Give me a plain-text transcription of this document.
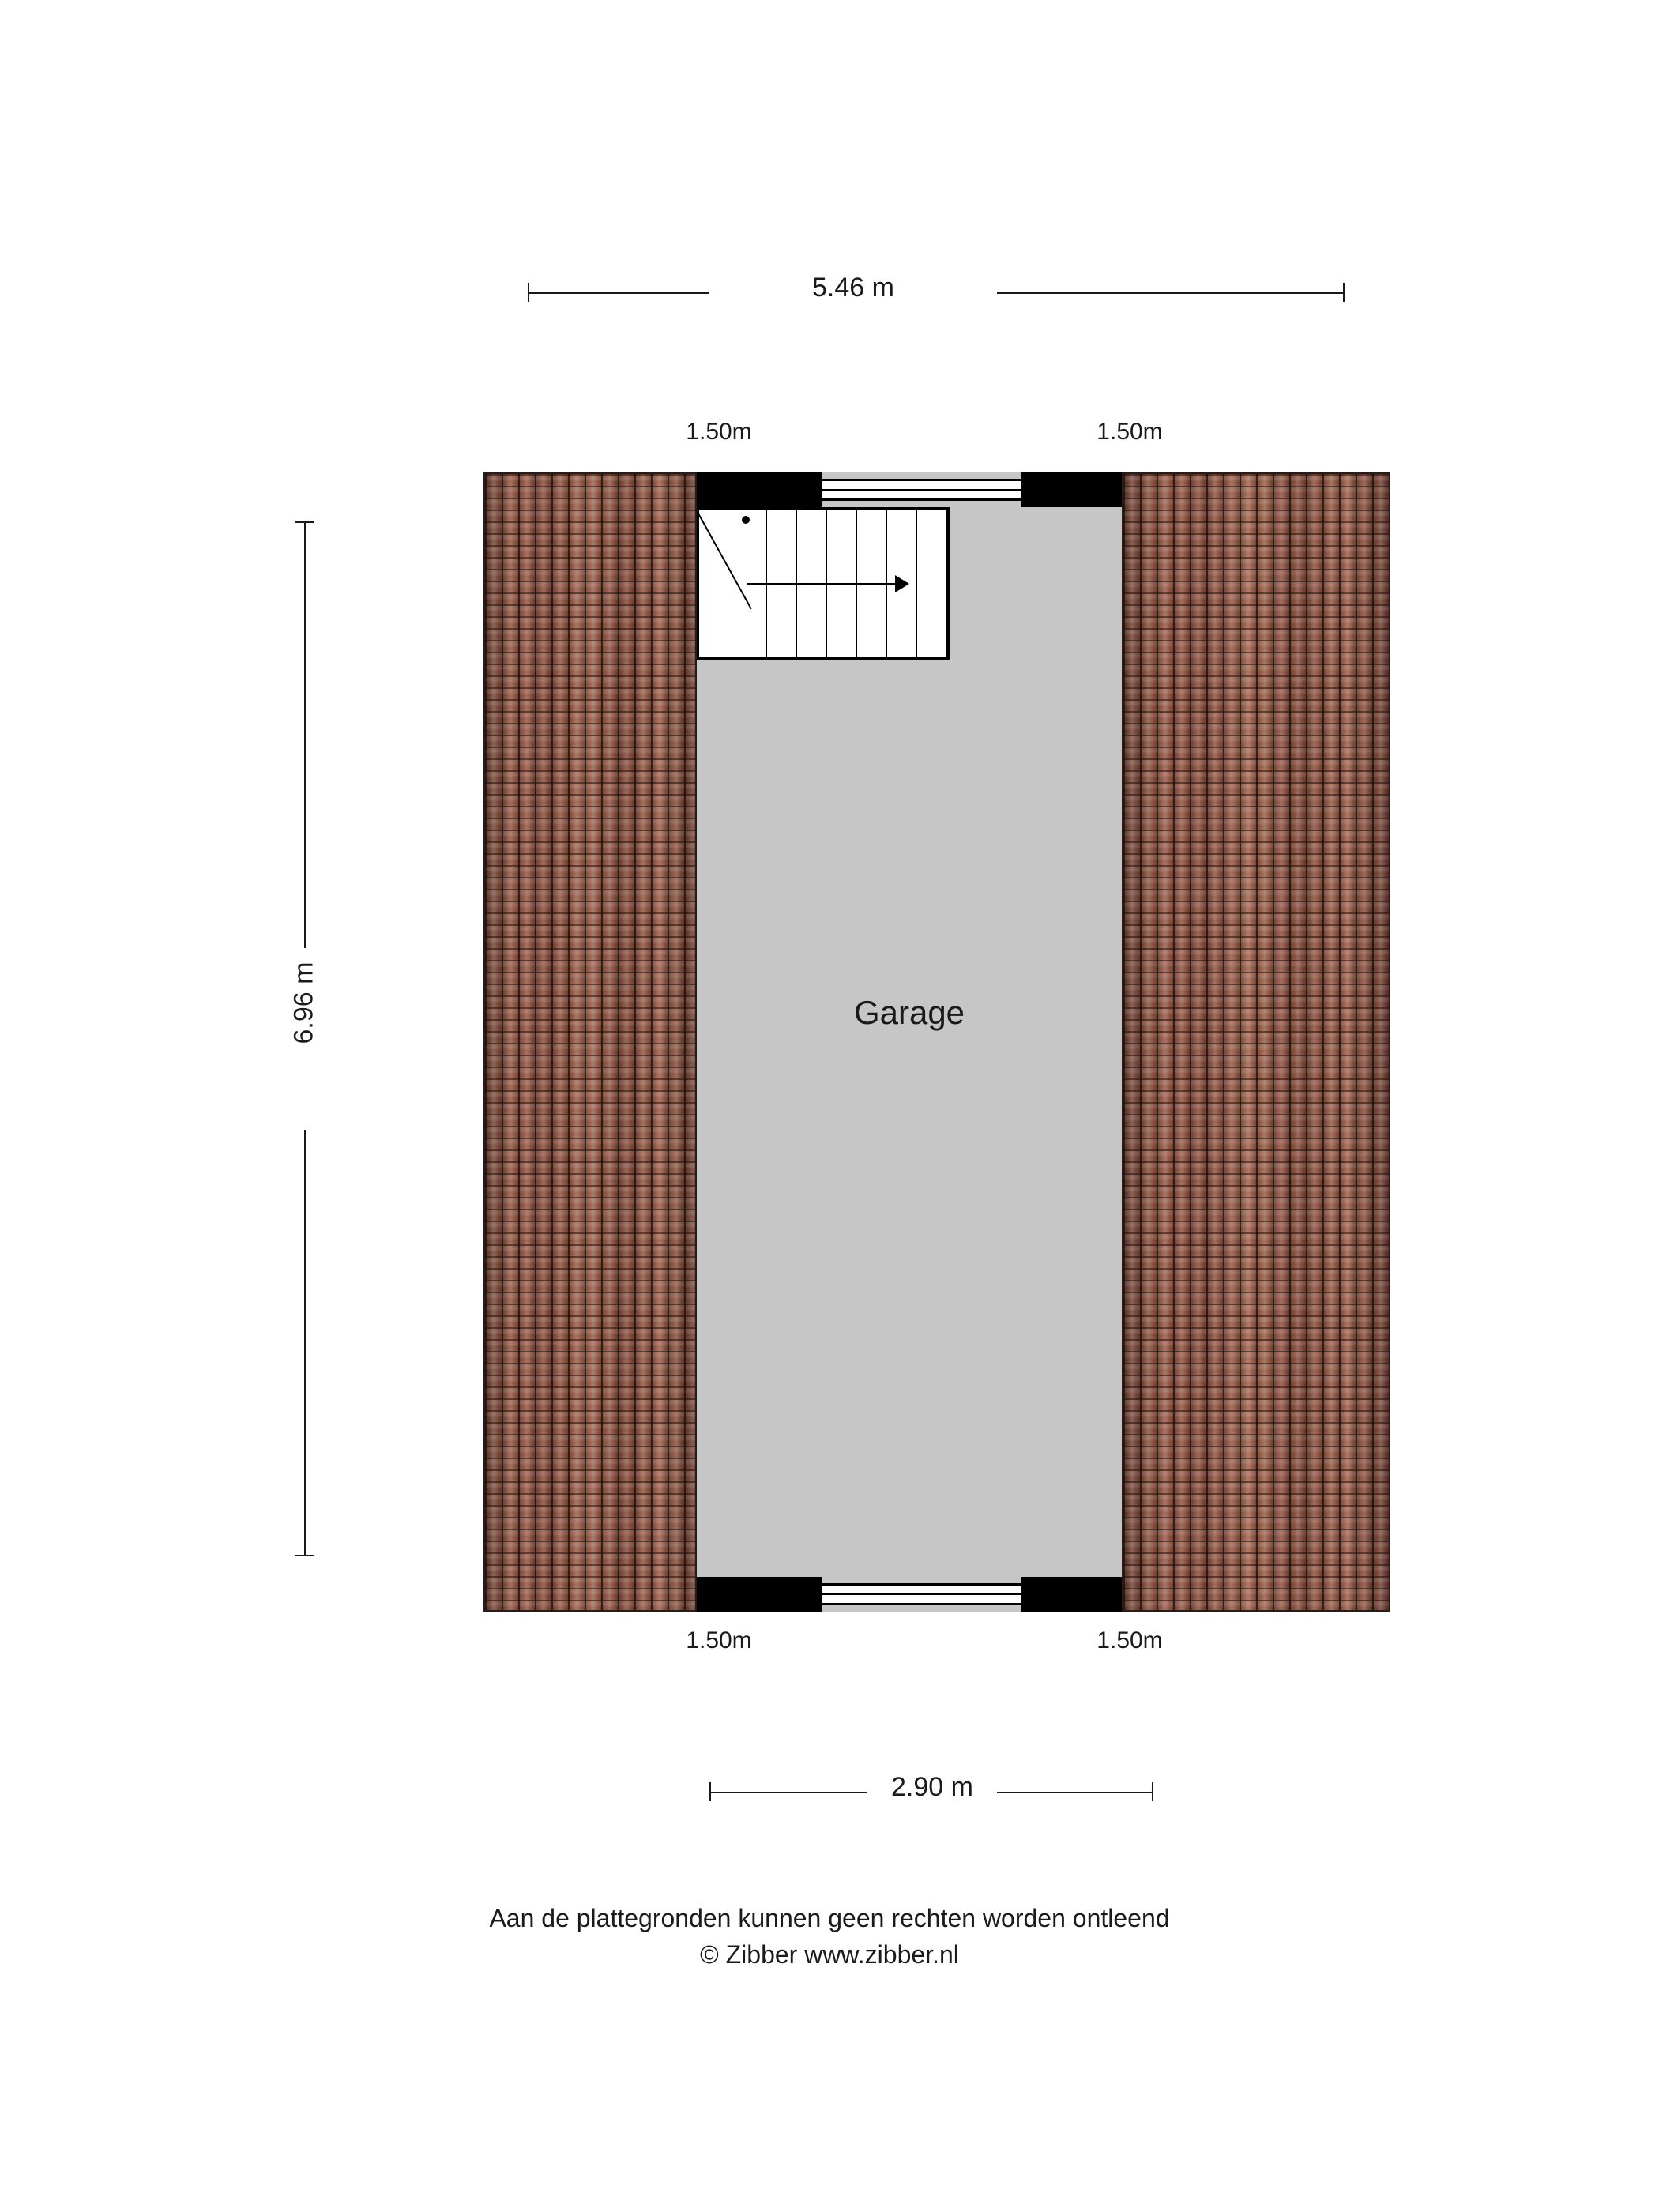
5.46 m
1.50m	1.50m
6.96 m	Garage
1.50m	1.50m
2.90 m
Aan de plattegronden kunnen geen rechten worden ontleend
© Zibber www.zibber.nl
